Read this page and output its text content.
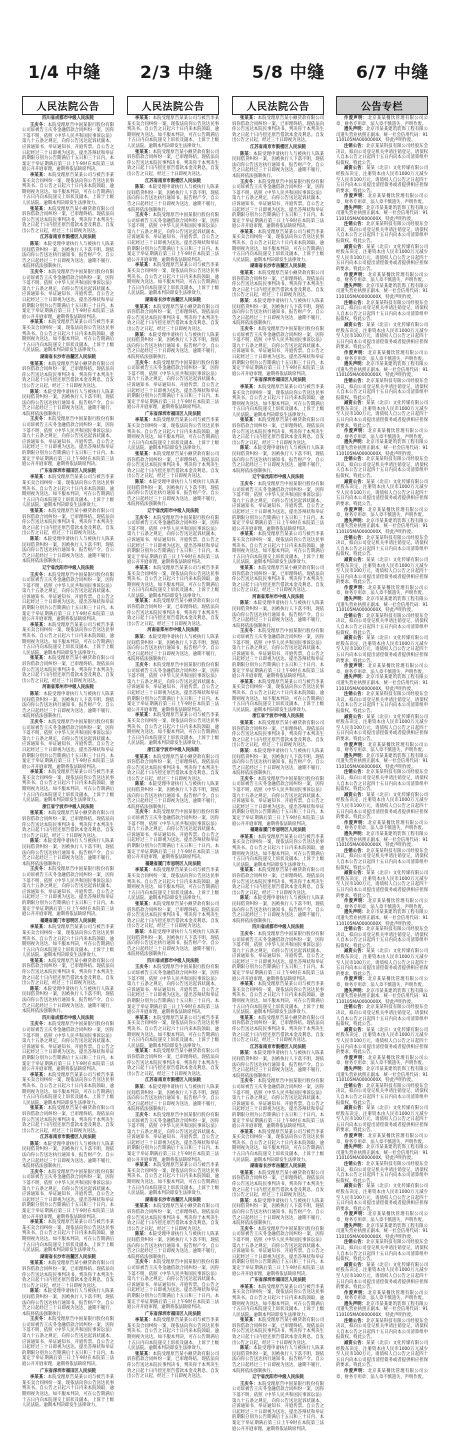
1/4 中缝 2/3 中缝 5/8 中缝 6/7 中缝
人民法院公告
四川省成都市中级人民法院

王庆冬：本院受理原告中国某银行股份有限公司诉被告王庆冬金融借款合同纠纷一案，因你下落不明，依照《中华人民共和国民事诉讼法》第九十五条之规定，向你公告送达起诉状副本、应诉通知书、举证通知书、开庭传票。自公告之日起经过三十日即视为送达。提出答辩状和举证的期限分别为公告期满后十五日和三十日内。本案定于举证期满后第三日上午9时在本院第三法庭公开开庭审理，逾期将依法缺席判决。

李某某：本院受理原告某某公司与被告李某某买卖合同纠纷一案，现依法向你公告送达民事判决书。自公告之日起六十日内来本院领取，逾期则视为送达。如不服本判决，可在公告期满后十五日内向本院递交上诉状及副本，上诉于上级人民法院。逾期本判决即发生法律效力。

张某某：本院受理原告某小额贷款有限公司诉你借款合同纠纷一案，已审理终结。现依法向你公告送达本院民事判决书，判决你于本判决生效之日起十日内偿还原告借款本金及利息。自发出公告之日起，经过三十日即视为送达。

江苏省南京市鼓楼区人民法院

陈某：本院受理申请执行人与被执行人陈某民间借贷纠纷一案，因被执行人下落不明，现依法向你公告送达执行通知书、报告财产令。自公告之日起经过三十日即视为送达，逾期不履行，本院将依法强制执行。

王庆冬：本院受理原告中国某银行股份有限公司诉被告王庆冬金融借款合同纠纷一案，因你下落不明，依照《中华人民共和国民事诉讼法》第九十五条之规定，向你公告送达起诉状副本、应诉通知书、举证通知书、开庭传票。自公告之日起经过三十日即视为送达。提出答辩状和举证的期限分别为公告期满后十五日和三十日内。本案定于举证期满后第三日上午9时在本院第三法庭公开开庭审理，逾期将依法缺席判决。

李某某：本院受理原告某某公司与被告李某某买卖合同纠纷一案，现依法向你公告送达民事判决书。自公告之日起六十日内来本院领取，逾期则视为送达。如不服本判决，可在公告期满后十五日内向本院递交上诉状及副本，上诉于上级人民法院。逾期本判决即发生法律效力。

湖南省长沙市岳麓区人民法院

张某某：本院受理原告某小额贷款有限公司诉你借款合同纠纷一案，已审理终结。现依法向你公告送达本院民事判决书，判决你于本判决生效之日起十日内偿还原告借款本金及利息。自发出公告之日起，经过三十日即视为送达。

陈某：本院受理申请执行人与被执行人陈某民间借贷纠纷一案，因被执行人下落不明，现依法向你公告送达执行通知书、报告财产令。自公告之日起经过三十日即视为送达，逾期不履行，本院将依法强制执行。

王庆冬：本院受理原告中国某银行股份有限公司诉被告王庆冬金融借款合同纠纷一案，因你下落不明，依照《中华人民共和国民事诉讼法》第九十五条之规定，向你公告送达起诉状副本、应诉通知书、举证通知书、开庭传票。自公告之日起经过三十日即视为送达。提出答辩状和举证的期限分别为公告期满后十五日和三十日内。本案定于举证期满后第三日上午9时在本院第三法庭公开开庭审理，逾期将依法缺席判决。

广东省深圳市福田区人民法院

李某某：本院受理原告某某公司与被告李某某买卖合同纠纷一案，现依法向你公告送达民事判决书。自公告之日起六十日内来本院领取，逾期则视为送达。如不服本判决，可在公告期满后十五日内向本院递交上诉状及副本，上诉于上级人民法院。逾期本判决即发生法律效力。

张某某：本院受理原告某小额贷款有限公司诉你借款合同纠纷一案，已审理终结。现依法向你公告送达本院民事判决书，判决你于本判决生效之日起十日内偿还原告借款本金及利息。自发出公告之日起，经过三十日即视为送达。

陈某：本院受理申请执行人与被执行人陈某民间借贷纠纷一案，因被执行人下落不明，现依法向你公告送达执行通知书、报告财产令。自公告之日起经过三十日即视为送达，逾期不履行，本院将依法强制执行。

辽宁省沈阳市中级人民法院

王庆冬：本院受理原告中国某银行股份有限公司诉被告王庆冬金融借款合同纠纷一案，因你下落不明，依照《中华人民共和国民事诉讼法》第九十五条之规定，向你公告送达起诉状副本、应诉通知书、举证通知书、开庭传票。自公告之日起经过三十日即视为送达。提出答辩状和举证的期限分别为公告期满后十五日和三十日内。本案定于举证期满后第三日上午9时在本院第三法庭公开开庭审理，逾期将依法缺席判决。

李某某：本院受理原告某某公司与被告李某某买卖合同纠纷一案，现依法向你公告送达民事判决书。自公告之日起六十日内来本院领取，逾期则视为送达。如不服本判决，可在公告期满后十五日内向本院递交上诉状及副本，上诉于上级人民法院。逾期本判决即发生法律效力。

张某某：本院受理原告某小额贷款有限公司诉你借款合同纠纷一案，已审理终结。现依法向你公告送达本院民事判决书，判决你于本判决生效之日起十日内偿还原告借款本金及利息。自发出公告之日起，经过三十日即视为送达。

河南省郑州市中级人民法院

陈某：本院受理申请执行人与被执行人陈某民间借贷纠纷一案，因被执行人下落不明，现依法向你公告送达执行通知书、报告财产令。自公告之日起经过三十日即视为送达，逾期不履行，本院将依法强制执行。

王庆冬：本院受理原告中国某银行股份有限公司诉被告王庆冬金融借款合同纠纷一案，因你下落不明，依照《中华人民共和国民事诉讼法》第九十五条之规定，向你公告送达起诉状副本、应诉通知书、举证通知书、开庭传票。自公告之日起经过三十日即视为送达。提出答辩状和举证的期限分别为公告期满后十五日和三十日内。本案定于举证期满后第三日上午9时在本院第三法庭公开开庭审理，逾期将依法缺席判决。

李某某：本院受理原告某某公司与被告李某某买卖合同纠纷一案，现依法向你公告送达民事判决书。自公告之日起六十日内来本院领取，逾期则视为送达。如不服本判决，可在公告期满后十五日内向本院递交上诉状及副本，上诉于上级人民法院。逾期本判决即发生法律效力。

浙江省宁波市中级人民法院

张某某：本院受理原告某小额贷款有限公司诉你借款合同纠纷一案，已审理终结。现依法向你公告送达本院民事判决书，判决你于本判决生效之日起十日内偿还原告借款本金及利息。自发出公告之日起，经过三十日即视为送达。

陈某：本院受理申请执行人与被执行人陈某民间借贷纠纷一案，因被执行人下落不明，现依法向你公告送达执行通知书、报告财产令。自公告之日起经过三十日即视为送达，逾期不履行，本院将依法强制执行。

王庆冬：本院受理原告中国某银行股份有限公司诉被告王庆冬金融借款合同纠纷一案，因你下落不明，依照《中华人民共和国民事诉讼法》第九十五条之规定，向你公告送达起诉状副本、应诉通知书、举证通知书、开庭传票。自公告之日起经过三十日即视为送达。提出答辩状和举证的期限分别为公告期满后十五日和三十日内。本案定于举证期满后第三日上午9时在本院第三法庭公开开庭审理，逾期将依法缺席判决。

福建省厦门市思明区人民法院

李某某：本院受理原告某某公司与被告李某某买卖合同纠纷一案，现依法向你公告送达民事判决书。自公告之日起六十日内来本院领取，逾期则视为送达。如不服本判决，可在公告期满后十五日内向本院递交上诉状及副本，上诉于上级人民法院。逾期本判决即发生法律效力。

张某某：本院受理原告某小额贷款有限公司诉你借款合同纠纷一案，已审理终结。现依法向你公告送达本院民事判决书，判决你于本判决生效之日起十日内偿还原告借款本金及利息。自发出公告之日起，经过三十日即视为送达。

陈某：本院受理申请执行人与被执行人陈某民间借贷纠纷一案，因被执行人下落不明，现依法向你公告送达执行通知书、报告财产令。自公告之日起经过三十日即视为送达，逾期不履行，本院将依法强制执行。

四川省成都市中级人民法院

王庆冬：本院受理原告中国某银行股份有限公司诉被告王庆冬金融借款合同纠纷一案，因你下落不明，依照《中华人民共和国民事诉讼法》第九十五条之规定，向你公告送达起诉状副本、应诉通知书、举证通知书、开庭传票。自公告之日起经过三十日即视为送达。提出答辩状和举证的期限分别为公告期满后十五日和三十日内。本案定于举证期满后第三日上午9时在本院第三法庭公开开庭审理，逾期将依法缺席判决。

李某某：本院受理原告某某公司与被告李某某买卖合同纠纷一案，现依法向你公告送达民事判决书。自公告之日起六十日内来本院领取，逾期则视为送达。如不服本判决，可在公告期满后十五日内向本院递交上诉状及副本，上诉于上级人民法院。逾期本判决即发生法律效力。

张某某：本院受理原告某小额贷款有限公司诉你借款合同纠纷一案，已审理终结。现依法向你公告送达本院民事判决书，判决你于本判决生效之日起十日内偿还原告借款本金及利息。自发出公告之日起，经过三十日即视为送达。

江苏省南京市鼓楼区人民法院

陈某：本院受理申请执行人与被执行人陈某民间借贷纠纷一案，因被执行人下落不明，现依法向你公告送达执行通知书、报告财产令。自公告之日起经过三十日即视为送达，逾期不履行，本院将依法强制执行。

王庆冬：本院受理原告中国某银行股份有限公司诉被告王庆冬金融借款合同纠纷一案，因你下落不明，依照《中华人民共和国民事诉讼法》第九十五条之规定，向你公告送达起诉状副本、应诉通知书、举证通知书、开庭传票。自公告之日起经过三十日即视为送达。提出答辩状和举证的期限分别为公告期满后十五日和三十日内。本案定于举证期满后第三日上午9时在本院第三法庭公开开庭审理，逾期将依法缺席判决。

李某某：本院受理原告某某公司与被告李某某买卖合同纠纷一案，现依法向你公告送达民事判决书。自公告之日起六十日内来本院领取，逾期则视为送达。如不服本判决，可在公告期满后十五日内向本院递交上诉状及副本，上诉于上级人民法院。逾期本判决即发生法律效力。

湖南省长沙市岳麓区人民法院

张某某：本院受理原告某小额贷款有限公司诉你借款合同纠纷一案，已审理终结。现依法向你公告送达本院民事判决书，判决你于本判决生效之日起十日内偿还原告借款本金及利息。自发出公告之日起，经过三十日即视为送达。

陈某：本院受理申请执行人与被执行人陈某民间借贷纠纷一案，因被执行人下落不明，现依法向你公告送达执行通知书、报告财产令。自公告之日起经过三十日即视为送达，逾期不履行，本院将依法强制执行。

王庆冬：本院受理原告中国某银行股份有限公司诉被告王庆冬金融借款合同纠纷一案，因你下落不明，依照《中华人民共和国民事诉讼法》第九十五条之规定，向你公告送达起诉状副本、应诉通知书、举证通知书、开庭传票。自公告之日起经过三十日即视为送达。提出答辩状和举证的期限分别为公告期满后十五日和三十日内。本案定于举证期满后第三日上午9时在本院第三法庭公开开庭审理，逾期将依法缺席判决。

广东省深圳市福田区人民法院

李某某：本院受理原告某某公司与被告李某某买卖合同纠纷一案，现依法向你公告送达民事判决书。自公告之日起六十日内来本院领取，逾期则视为送达。如不服本判决，可在公告期满后十五日内向本院递交上诉状及副本，上诉于上级人民法院。逾期本判决即发生法律效力。

人民法院公告

李某某：本院受理原告某某公司与被告李某某买卖合同纠纷一案，现依法向你公告送达民事判决书。自公告之日起六十日内来本院领取，逾期则视为送达。如不服本判决，可在公告期满后十五日内向本院递交上诉状及副本，上诉于上级人民法院。逾期本判决即发生法律效力。

张某某：本院受理原告某小额贷款有限公司诉你借款合同纠纷一案，已审理终结。现依法向你公告送达本院民事判决书，判决你于本判决生效之日起十日内偿还原告借款本金及利息。自发出公告之日起，经过三十日即视为送达。

江苏省南京市鼓楼区人民法院

陈某：本院受理申请执行人与被执行人陈某民间借贷纠纷一案，因被执行人下落不明，现依法向你公告送达执行通知书、报告财产令。自公告之日起经过三十日即视为送达，逾期不履行，本院将依法强制执行。

王庆冬：本院受理原告中国某银行股份有限公司诉被告王庆冬金融借款合同纠纷一案，因你下落不明，依照《中华人民共和国民事诉讼法》第九十五条之规定，向你公告送达起诉状副本、应诉通知书、举证通知书、开庭传票。自公告之日起经过三十日即视为送达。提出答辩状和举证的期限分别为公告期满后十五日和三十日内。本案定于举证期满后第三日上午9时在本院第三法庭公开开庭审理，逾期将依法缺席判决。

李某某：本院受理原告某某公司与被告李某某买卖合同纠纷一案，现依法向你公告送达民事判决书。自公告之日起六十日内来本院领取，逾期则视为送达。如不服本判决，可在公告期满后十五日内向本院递交上诉状及副本，上诉于上级人民法院。逾期本判决即发生法律效力。

湖南省长沙市岳麓区人民法院

张某某：本院受理原告某小额贷款有限公司诉你借款合同纠纷一案，已审理终结。现依法向你公告送达本院民事判决书，判决你于本判决生效之日起十日内偿还原告借款本金及利息。自发出公告之日起，经过三十日即视为送达。

陈某：本院受理申请执行人与被执行人陈某民间借贷纠纷一案，因被执行人下落不明，现依法向你公告送达执行通知书、报告财产令。自公告之日起经过三十日即视为送达，逾期不履行，本院将依法强制执行。

王庆冬：本院受理原告中国某银行股份有限公司诉被告王庆冬金融借款合同纠纷一案，因你下落不明，依照《中华人民共和国民事诉讼法》第九十五条之规定，向你公告送达起诉状副本、应诉通知书、举证通知书、开庭传票。自公告之日起经过三十日即视为送达。提出答辩状和举证的期限分别为公告期满后十五日和三十日内。本案定于举证期满后第三日上午9时在本院第三法庭公开开庭审理，逾期将依法缺席判决。

广东省深圳市福田区人民法院

李某某：本院受理原告某某公司与被告李某某买卖合同纠纷一案，现依法向你公告送达民事判决书。自公告之日起六十日内来本院领取，逾期则视为送达。如不服本判决，可在公告期满后十五日内向本院递交上诉状及副本，上诉于上级人民法院。逾期本判决即发生法律效力。

张某某：本院受理原告某小额贷款有限公司诉你借款合同纠纷一案，已审理终结。现依法向你公告送达本院民事判决书，判决你于本判决生效之日起十日内偿还原告借款本金及利息。自发出公告之日起，经过三十日即视为送达。

陈某：本院受理申请执行人与被执行人陈某民间借贷纠纷一案，因被执行人下落不明，现依法向你公告送达执行通知书、报告财产令。自公告之日起经过三十日即视为送达，逾期不履行，本院将依法强制执行。

辽宁省沈阳市中级人民法院

王庆冬：本院受理原告中国某银行股份有限公司诉被告王庆冬金融借款合同纠纷一案，因你下落不明，依照《中华人民共和国民事诉讼法》第九十五条之规定，向你公告送达起诉状副本、应诉通知书、举证通知书、开庭传票。自公告之日起经过三十日即视为送达。提出答辩状和举证的期限分别为公告期满后十五日和三十日内。本案定于举证期满后第三日上午9时在本院第三法庭公开开庭审理，逾期将依法缺席判决。

李某某：本院受理原告某某公司与被告李某某买卖合同纠纷一案，现依法向你公告送达民事判决书。自公告之日起六十日内来本院领取，逾期则视为送达。如不服本判决，可在公告期满后十五日内向本院递交上诉状及副本，上诉于上级人民法院。逾期本判决即发生法律效力。

张某某：本院受理原告某小额贷款有限公司诉你借款合同纠纷一案，已审理终结。现依法向你公告送达本院民事判决书，判决你于本判决生效之日起十日内偿还原告借款本金及利息。自发出公告之日起，经过三十日即视为送达。

河南省郑州市中级人民法院

陈某：本院受理申请执行人与被执行人陈某民间借贷纠纷一案，因被执行人下落不明，现依法向你公告送达执行通知书、报告财产令。自公告之日起经过三十日即视为送达，逾期不履行，本院将依法强制执行。

王庆冬：本院受理原告中国某银行股份有限公司诉被告王庆冬金融借款合同纠纷一案，因你下落不明，依照《中华人民共和国民事诉讼法》第九十五条之规定，向你公告送达起诉状副本、应诉通知书、举证通知书、开庭传票。自公告之日起经过三十日即视为送达。提出答辩状和举证的期限分别为公告期满后十五日和三十日内。本案定于举证期满后第三日上午9时在本院第三法庭公开开庭审理，逾期将依法缺席判决。

李某某：本院受理原告某某公司与被告李某某买卖合同纠纷一案，现依法向你公告送达民事判决书。自公告之日起六十日内来本院领取，逾期则视为送达。如不服本判决，可在公告期满后十五日内向本院递交上诉状及副本，上诉于上级人民法院。逾期本判决即发生法律效力。

浙江省宁波市中级人民法院

张某某：本院受理原告某小额贷款有限公司诉你借款合同纠纷一案，已审理终结。现依法向你公告送达本院民事判决书，判决你于本判决生效之日起十日内偿还原告借款本金及利息。自发出公告之日起，经过三十日即视为送达。

陈某：本院受理申请执行人与被执行人陈某民间借贷纠纷一案，因被执行人下落不明，现依法向你公告送达执行通知书、报告财产令。自公告之日起经过三十日即视为送达，逾期不履行，本院将依法强制执行。

王庆冬：本院受理原告中国某银行股份有限公司诉被告王庆冬金融借款合同纠纷一案，因你下落不明，依照《中华人民共和国民事诉讼法》第九十五条之规定，向你公告送达起诉状副本、应诉通知书、举证通知书、开庭传票。自公告之日起经过三十日即视为送达。提出答辩状和举证的期限分别为公告期满后十五日和三十日内。本案定于举证期满后第三日上午9时在本院第三法庭公开开庭审理，逾期将依法缺席判决。

福建省厦门市思明区人民法院

李某某：本院受理原告某某公司与被告李某某买卖合同纠纷一案，现依法向你公告送达民事判决书。自公告之日起六十日内来本院领取，逾期则视为送达。如不服本判决，可在公告期满后十五日内向本院递交上诉状及副本，上诉于上级人民法院。逾期本判决即发生法律效力。

张某某：本院受理原告某小额贷款有限公司诉你借款合同纠纷一案，已审理终结。现依法向你公告送达本院民事判决书，判决你于本判决生效之日起十日内偿还原告借款本金及利息。自发出公告之日起，经过三十日即视为送达。

陈某：本院受理申请执行人与被执行人陈某民间借贷纠纷一案，因被执行人下落不明，现依法向你公告送达执行通知书、报告财产令。自公告之日起经过三十日即视为送达，逾期不履行，本院将依法强制执行。

四川省成都市中级人民法院

王庆冬：本院受理原告中国某银行股份有限公司诉被告王庆冬金融借款合同纠纷一案，因你下落不明，依照《中华人民共和国民事诉讼法》第九十五条之规定，向你公告送达起诉状副本、应诉通知书、举证通知书、开庭传票。自公告之日起经过三十日即视为送达。提出答辩状和举证的期限分别为公告期满后十五日和三十日内。本案定于举证期满后第三日上午9时在本院第三法庭公开开庭审理，逾期将依法缺席判决。

李某某：本院受理原告某某公司与被告李某某买卖合同纠纷一案，现依法向你公告送达民事判决书。自公告之日起六十日内来本院领取，逾期则视为送达。如不服本判决，可在公告期满后十五日内向本院递交上诉状及副本，上诉于上级人民法院。逾期本判决即发生法律效力。

张某某：本院受理原告某小额贷款有限公司诉你借款合同纠纷一案，已审理终结。现依法向你公告送达本院民事判决书，判决你于本判决生效之日起十日内偿还原告借款本金及利息。自发出公告之日起，经过三十日即视为送达。

江苏省南京市鼓楼区人民法院

陈某：本院受理申请执行人与被执行人陈某民间借贷纠纷一案，因被执行人下落不明，现依法向你公告送达执行通知书、报告财产令。自公告之日起经过三十日即视为送达，逾期不履行，本院将依法强制执行。

王庆冬：本院受理原告中国某银行股份有限公司诉被告王庆冬金融借款合同纠纷一案，因你下落不明，依照《中华人民共和国民事诉讼法》第九十五条之规定，向你公告送达起诉状副本、应诉通知书、举证通知书、开庭传票。自公告之日起经过三十日即视为送达。提出答辩状和举证的期限分别为公告期满后十五日和三十日内。本案定于举证期满后第三日上午9时在本院第三法庭公开开庭审理，逾期将依法缺席判决。

李某某：本院受理原告某某公司与被告李某某买卖合同纠纷一案，现依法向你公告送达民事判决书。自公告之日起六十日内来本院领取，逾期则视为送达。如不服本判决，可在公告期满后十五日内向本院递交上诉状及副本，上诉于上级人民法院。逾期本判决即发生法律效力。

湖南省长沙市岳麓区人民法院

张某某：本院受理原告某小额贷款有限公司诉你借款合同纠纷一案，已审理终结。现依法向你公告送达本院民事判决书，判决你于本判决生效之日起十日内偿还原告借款本金及利息。自发出公告之日起，经过三十日即视为送达。

陈某：本院受理申请执行人与被执行人陈某民间借贷纠纷一案，因被执行人下落不明，现依法向你公告送达执行通知书、报告财产令。自公告之日起经过三十日即视为送达，逾期不履行，本院将依法强制执行。

王庆冬：本院受理原告中国某银行股份有限公司诉被告王庆冬金融借款合同纠纷一案，因你下落不明，依照《中华人民共和国民事诉讼法》第九十五条之规定，向你公告送达起诉状副本、应诉通知书、举证通知书、开庭传票。自公告之日起经过三十日即视为送达。提出答辩状和举证的期限分别为公告期满后十五日和三十日内。本案定于举证期满后第三日上午9时在本院第三法庭公开开庭审理，逾期将依法缺席判决。

广东省深圳市福田区人民法院

李某某：本院受理原告某某公司与被告李某某买卖合同纠纷一案，现依法向你公告送达民事判决书。自公告之日起六十日内来本院领取，逾期则视为送达。如不服本判决，可在公告期满后十五日内向本院递交上诉状及副本，上诉于上级人民法院。逾期本判决即发生法律效力。

张某某：本院受理原告某小额贷款有限公司诉你借款合同纠纷一案，已审理终结。现依法向你公告送达本院民事判决书，判决你于本判决生效之日起十日内偿还原告借款本金及利息。自发出公告之日起，经过三十日即视为送达。

人民法院公告

张某某：本院受理原告某小额贷款有限公司诉你借款合同纠纷一案，已审理终结。现依法向你公告送达本院民事判决书，判决你于本判决生效之日起十日内偿还原告借款本金及利息。自发出公告之日起，经过三十日即视为送达。

江苏省南京市鼓楼区人民法院

陈某：本院受理申请执行人与被执行人陈某民间借贷纠纷一案，因被执行人下落不明，现依法向你公告送达执行通知书、报告财产令。自公告之日起经过三十日即视为送达，逾期不履行，本院将依法强制执行。

王庆冬：本院受理原告中国某银行股份有限公司诉被告王庆冬金融借款合同纠纷一案，因你下落不明，依照《中华人民共和国民事诉讼法》第九十五条之规定，向你公告送达起诉状副本、应诉通知书、举证通知书、开庭传票。自公告之日起经过三十日即视为送达。提出答辩状和举证的期限分别为公告期满后十五日和三十日内。本案定于举证期满后第三日上午9时在本院第三法庭公开开庭审理，逾期将依法缺席判决。

李某某：本院受理原告某某公司与被告李某某买卖合同纠纷一案，现依法向你公告送达民事判决书。自公告之日起六十日内来本院领取，逾期则视为送达。如不服本判决，可在公告期满后十五日内向本院递交上诉状及副本，上诉于上级人民法院。逾期本判决即发生法律效力。

湖南省长沙市岳麓区人民法院

张某某：本院受理原告某小额贷款有限公司诉你借款合同纠纷一案，已审理终结。现依法向你公告送达本院民事判决书，判决你于本判决生效之日起十日内偿还原告借款本金及利息。自发出公告之日起，经过三十日即视为送达。

陈某：本院受理申请执行人与被执行人陈某民间借贷纠纷一案，因被执行人下落不明，现依法向你公告送达执行通知书、报告财产令。自公告之日起经过三十日即视为送达，逾期不履行，本院将依法强制执行。

王庆冬：本院受理原告中国某银行股份有限公司诉被告王庆冬金融借款合同纠纷一案，因你下落不明，依照《中华人民共和国民事诉讼法》第九十五条之规定，向你公告送达起诉状副本、应诉通知书、举证通知书、开庭传票。自公告之日起经过三十日即视为送达。提出答辩状和举证的期限分别为公告期满后十五日和三十日内。本案定于举证期满后第三日上午9时在本院第三法庭公开开庭审理，逾期将依法缺席判决。

广东省深圳市福田区人民法院

李某某：本院受理原告某某公司与被告李某某买卖合同纠纷一案，现依法向你公告送达民事判决书。自公告之日起六十日内来本院领取，逾期则视为送达。如不服本判决，可在公告期满后十五日内向本院递交上诉状及副本，上诉于上级人民法院。逾期本判决即发生法律效力。

张某某：本院受理原告某小额贷款有限公司诉你借款合同纠纷一案，已审理终结。现依法向你公告送达本院民事判决书，判决你于本判决生效之日起十日内偿还原告借款本金及利息。自发出公告之日起，经过三十日即视为送达。

陈某：本院受理申请执行人与被执行人陈某民间借贷纠纷一案，因被执行人下落不明，现依法向你公告送达执行通知书、报告财产令。自公告之日起经过三十日即视为送达，逾期不履行，本院将依法强制执行。

辽宁省沈阳市中级人民法院

王庆冬：本院受理原告中国某银行股份有限公司诉被告王庆冬金融借款合同纠纷一案，因你下落不明，依照《中华人民共和国民事诉讼法》第九十五条之规定，向你公告送达起诉状副本、应诉通知书、举证通知书、开庭传票。自公告之日起经过三十日即视为送达。提出答辩状和举证的期限分别为公告期满后十五日和三十日内。本案定于举证期满后第三日上午9时在本院第三法庭公开开庭审理，逾期将依法缺席判决。

李某某：本院受理原告某某公司与被告李某某买卖合同纠纷一案，现依法向你公告送达民事判决书。自公告之日起六十日内来本院领取，逾期则视为送达。如不服本判决，可在公告期满后十五日内向本院递交上诉状及副本，上诉于上级人民法院。逾期本判决即发生法律效力。

张某某：本院受理原告某小额贷款有限公司诉你借款合同纠纷一案，已审理终结。现依法向你公告送达本院民事判决书，判决你于本判决生效之日起十日内偿还原告借款本金及利息。自发出公告之日起，经过三十日即视为送达。

河南省郑州市中级人民法院

陈某：本院受理申请执行人与被执行人陈某民间借贷纠纷一案，因被执行人下落不明，现依法向你公告送达执行通知书、报告财产令。自公告之日起经过三十日即视为送达，逾期不履行，本院将依法强制执行。

王庆冬：本院受理原告中国某银行股份有限公司诉被告王庆冬金融借款合同纠纷一案，因你下落不明，依照《中华人民共和国民事诉讼法》第九十五条之规定，向你公告送达起诉状副本、应诉通知书、举证通知书、开庭传票。自公告之日起经过三十日即视为送达。提出答辩状和举证的期限分别为公告期满后十五日和三十日内。本案定于举证期满后第三日上午9时在本院第三法庭公开开庭审理，逾期将依法缺席判决。

李某某：本院受理原告某某公司与被告李某某买卖合同纠纷一案，现依法向你公告送达民事判决书。自公告之日起六十日内来本院领取，逾期则视为送达。如不服本判决，可在公告期满后十五日内向本院递交上诉状及副本，上诉于上级人民法院。逾期本判决即发生法律效力。

浙江省宁波市中级人民法院

张某某：本院受理原告某小额贷款有限公司诉你借款合同纠纷一案，已审理终结。现依法向你公告送达本院民事判决书，判决你于本判决生效之日起十日内偿还原告借款本金及利息。自发出公告之日起，经过三十日即视为送达。

陈某：本院受理申请执行人与被执行人陈某民间借贷纠纷一案，因被执行人下落不明，现依法向你公告送达执行通知书、报告财产令。自公告之日起经过三十日即视为送达，逾期不履行，本院将依法强制执行。

王庆冬：本院受理原告中国某银行股份有限公司诉被告王庆冬金融借款合同纠纷一案，因你下落不明，依照《中华人民共和国民事诉讼法》第九十五条之规定，向你公告送达起诉状副本、应诉通知书、举证通知书、开庭传票。自公告之日起经过三十日即视为送达。提出答辩状和举证的期限分别为公告期满后十五日和三十日内。本案定于举证期满后第三日上午9时在本院第三法庭公开开庭审理，逾期将依法缺席判决。

福建省厦门市思明区人民法院

李某某：本院受理原告某某公司与被告李某某买卖合同纠纷一案，现依法向你公告送达民事判决书。自公告之日起六十日内来本院领取，逾期则视为送达。如不服本判决，可在公告期满后十五日内向本院递交上诉状及副本，上诉于上级人民法院。逾期本判决即发生法律效力。

张某某：本院受理原告某小额贷款有限公司诉你借款合同纠纷一案，已审理终结。现依法向你公告送达本院民事判决书，判决你于本判决生效之日起十日内偿还原告借款本金及利息。自发出公告之日起，经过三十日即视为送达。

陈某：本院受理申请执行人与被执行人陈某民间借贷纠纷一案，因被执行人下落不明，现依法向你公告送达执行通知书、报告财产令。自公告之日起经过三十日即视为送达，逾期不履行，本院将依法强制执行。

四川省成都市中级人民法院

王庆冬：本院受理原告中国某银行股份有限公司诉被告王庆冬金融借款合同纠纷一案，因你下落不明，依照《中华人民共和国民事诉讼法》第九十五条之规定，向你公告送达起诉状副本、应诉通知书、举证通知书、开庭传票。自公告之日起经过三十日即视为送达。提出答辩状和举证的期限分别为公告期满后十五日和三十日内。本案定于举证期满后第三日上午9时在本院第三法庭公开开庭审理，逾期将依法缺席判决。

李某某：本院受理原告某某公司与被告李某某买卖合同纠纷一案，现依法向你公告送达民事判决书。自公告之日起六十日内来本院领取，逾期则视为送达。如不服本判决，可在公告期满后十五日内向本院递交上诉状及副本，上诉于上级人民法院。逾期本判决即发生法律效力。

张某某：本院受理原告某小额贷款有限公司诉你借款合同纠纷一案，已审理终结。现依法向你公告送达本院民事判决书，判决你于本判决生效之日起十日内偿还原告借款本金及利息。自发出公告之日起，经过三十日即视为送达。

江苏省南京市鼓楼区人民法院

陈某：本院受理申请执行人与被执行人陈某民间借贷纠纷一案，因被执行人下落不明，现依法向你公告送达执行通知书、报告财产令。自公告之日起经过三十日即视为送达，逾期不履行，本院将依法强制执行。

王庆冬：本院受理原告中国某银行股份有限公司诉被告王庆冬金融借款合同纠纷一案，因你下落不明，依照《中华人民共和国民事诉讼法》第九十五条之规定，向你公告送达起诉状副本、应诉通知书、举证通知书、开庭传票。自公告之日起经过三十日即视为送达。提出答辩状和举证的期限分别为公告期满后十五日和三十日内。本案定于举证期满后第三日上午9时在本院第三法庭公开开庭审理，逾期将依法缺席判决。

李某某：本院受理原告某某公司与被告李某某买卖合同纠纷一案，现依法向你公告送达民事判决书。自公告之日起六十日内来本院领取，逾期则视为送达。如不服本判决，可在公告期满后十五日内向本院递交上诉状及副本，上诉于上级人民法院。逾期本判决即发生法律效力。

湖南省长沙市岳麓区人民法院

张某某：本院受理原告某小额贷款有限公司诉你借款合同纠纷一案，已审理终结。现依法向你公告送达本院民事判决书，判决你于本判决生效之日起十日内偿还原告借款本金及利息。自发出公告之日起，经过三十日即视为送达。

陈某：本院受理申请执行人与被执行人陈某民间借贷纠纷一案，因被执行人下落不明，现依法向你公告送达执行通知书、报告财产令。自公告之日起经过三十日即视为送达，逾期不履行，本院将依法强制执行。

王庆冬：本院受理原告中国某银行股份有限公司诉被告王庆冬金融借款合同纠纷一案，因你下落不明，依照《中华人民共和国民事诉讼法》第九十五条之规定，向你公告送达起诉状副本、应诉通知书、举证通知书、开庭传票。自公告之日起经过三十日即视为送达。提出答辩状和举证的期限分别为公告期满后十五日和三十日内。本案定于举证期满后第三日上午9时在本院第三法庭公开开庭审理，逾期将依法缺席判决。

广东省深圳市福田区人民法院

李某某：本院受理原告某某公司与被告李某某买卖合同纠纷一案，现依法向你公告送达民事判决书。自公告之日起六十日内来本院领取，逾期则视为送达。如不服本判决，可在公告期满后十五日内向本院递交上诉状及副本，上诉于上级人民法院。逾期本判决即发生法律效力。

张某某：本院受理原告某小额贷款有限公司诉你借款合同纠纷一案，已审理终结。现依法向你公告送达本院民事判决书，判决你于本判决生效之日起十日内偿还原告借款本金及利息。自发出公告之日起，经过三十日即视为送达。

陈某：本院受理申请执行人与被执行人陈某民间借贷纠纷一案，因被执行人下落不明，现依法向你公告送达执行通知书、报告财产令。自公告之日起经过三十日即视为送达，逾期不履行，本院将依法强制执行。

辽宁省沈阳市中级人民法院

王庆冬：本院受理原告中国某银行股份有限公司诉被告王庆冬金融借款合同纠纷一案，因你下落不明，依照《中华人民共和国民事诉讼法》第九十五条之规定，向你公告送达起诉状副本、应诉通知书、举证通知书、开庭传票。自公告之日起经过三十日即视为送达。提出答辩状和举证的期限分别为公告期满后十五日和三十日内。本案定于举证期满后第三日上午9时在本院第三法庭公开开庭审理，逾期将依法缺席判决。

公告专栏

作废声明：北京某某餐饮管理有限公司公章、财务专用章、法人章不慎遗失，声明作废。

遗失声明：北京市某某建筑装饰工程有限公司遗失营业执照正副本，统一社会信用代码：91110105MA0000000X，特此声明作废。

注销公告：北京某某科技有限公司经股东会决议，拟向公司登记机关申请注销登记，请债权人自本公告之日起四十五日内向本公司清算组申报债权。特此公告。

减资公告：某某（北京）文化传媒有限公司经股东决定，注册资本由人民币1000万元减少至人民币100万元，请债权人自公告之日起四十五日内向本公司提出清偿债务或者提供相应担保的要求。特此公告。

作废声明：北京某某餐饮管理有限公司公章、财务专用章、法人章不慎遗失，声明作废。

遗失声明：北京市某某建筑装饰工程有限公司遗失营业执照正副本，统一社会信用代码：91110105MA0000000X，特此声明作废。

注销公告：北京某某科技有限公司经股东会决议，拟向公司登记机关申请注销登记，请债权人自本公告之日起四十五日内向本公司清算组申报债权。特此公告。

减资公告：某某（北京）文化传媒有限公司经股东决定，注册资本由人民币1000万元减少至人民币100万元，请债权人自公告之日起四十五日内向本公司提出清偿债务或者提供相应担保的要求。特此公告。

作废声明：北京某某餐饮管理有限公司公章、财务专用章、法人章不慎遗失，声明作废。

遗失声明：北京市某某建筑装饰工程有限公司遗失营业执照正副本，统一社会信用代码：91110105MA0000000X，特此声明作废。

注销公告：北京某某科技有限公司经股东会决议，拟向公司登记机关申请注销登记，请债权人自本公告之日起四十五日内向本公司清算组申报债权。特此公告。

减资公告：某某（北京）文化传媒有限公司经股东决定，注册资本由人民币1000万元减少至人民币100万元，请债权人自公告之日起四十五日内向本公司提出清偿债务或者提供相应担保的要求。特此公告。

作废声明：北京某某餐饮管理有限公司公章、财务专用章、法人章不慎遗失，声明作废。

遗失声明：北京市某某建筑装饰工程有限公司遗失营业执照正副本，统一社会信用代码：91110105MA0000000X，特此声明作废。

注销公告：北京某某科技有限公司经股东会决议，拟向公司登记机关申请注销登记，请债权人自本公告之日起四十五日内向本公司清算组申报债权。特此公告。

减资公告：某某（北京）文化传媒有限公司经股东决定，注册资本由人民币1000万元减少至人民币100万元，请债权人自公告之日起四十五日内向本公司提出清偿债务或者提供相应担保的要求。特此公告。

作废声明：北京某某餐饮管理有限公司公章、财务专用章、法人章不慎遗失，声明作废。

遗失声明：北京市某某建筑装饰工程有限公司遗失营业执照正副本，统一社会信用代码：91110105MA0000000X，特此声明作废。

注销公告：北京某某科技有限公司经股东会决议，拟向公司登记机关申请注销登记，请债权人自本公告之日起四十五日内向本公司清算组申报债权。特此公告。

减资公告：某某（北京）文化传媒有限公司经股东决定，注册资本由人民币1000万元减少至人民币100万元，请债权人自公告之日起四十五日内向本公司提出清偿债务或者提供相应担保的要求。特此公告。

作废声明：北京某某餐饮管理有限公司公章、财务专用章、法人章不慎遗失，声明作废。

遗失声明：北京市某某建筑装饰工程有限公司遗失营业执照正副本，统一社会信用代码：91110105MA0000000X，特此声明作废。

注销公告：北京某某科技有限公司经股东会决议，拟向公司登记机关申请注销登记，请债权人自本公告之日起四十五日内向本公司清算组申报债权。特此公告。

减资公告：某某（北京）文化传媒有限公司经股东决定，注册资本由人民币1000万元减少至人民币100万元，请债权人自公告之日起四十五日内向本公司提出清偿债务或者提供相应担保的要求。特此公告。

作废声明：北京某某餐饮管理有限公司公章、财务专用章、法人章不慎遗失，声明作废。

遗失声明：北京市某某建筑装饰工程有限公司遗失营业执照正副本，统一社会信用代码：91110105MA0000000X，特此声明作废。

注销公告：北京某某科技有限公司经股东会决议，拟向公司登记机关申请注销登记，请债权人自本公告之日起四十五日内向本公司清算组申报债权。特此公告。

减资公告：某某（北京）文化传媒有限公司经股东决定，注册资本由人民币1000万元减少至人民币100万元，请债权人自公告之日起四十五日内向本公司提出清偿债务或者提供相应担保的要求。特此公告。

作废声明：北京某某餐饮管理有限公司公章、财务专用章、法人章不慎遗失，声明作废。

遗失声明：北京市某某建筑装饰工程有限公司遗失营业执照正副本，统一社会信用代码：91110105MA0000000X，特此声明作废。

注销公告：北京某某科技有限公司经股东会决议，拟向公司登记机关申请注销登记，请债权人自本公告之日起四十五日内向本公司清算组申报债权。特此公告。

减资公告：某某（北京）文化传媒有限公司经股东决定，注册资本由人民币1000万元减少至人民币100万元，请债权人自公告之日起四十五日内向本公司提出清偿债务或者提供相应担保的要求。特此公告。

作废声明：北京某某餐饮管理有限公司公章、财务专用章、法人章不慎遗失，声明作废。

遗失声明：北京市某某建筑装饰工程有限公司遗失营业执照正副本，统一社会信用代码：91110105MA0000000X，特此声明作废。

注销公告：北京某某科技有限公司经股东会决议，拟向公司登记机关申请注销登记，请债权人自本公告之日起四十五日内向本公司清算组申报债权。特此公告。

减资公告：某某（北京）文化传媒有限公司经股东决定，注册资本由人民币1000万元减少至人民币100万元，请债权人自公告之日起四十五日内向本公司提出清偿债务或者提供相应担保的要求。特此公告。

作废声明：北京某某餐饮管理有限公司公章、财务专用章、法人章不慎遗失，声明作废。

遗失声明：北京市某某建筑装饰工程有限公司遗失营业执照正副本，统一社会信用代码：91110105MA0000000X，特此声明作废。

注销公告：北京某某科技有限公司经股东会决议，拟向公司登记机关申请注销登记，请债权人自本公告之日起四十五日内向本公司清算组申报债权。特此公告。

减资公告：某某（北京）文化传媒有限公司经股东决定，注册资本由人民币1000万元减少至人民币100万元，请债权人自公告之日起四十五日内向本公司提出清偿债务或者提供相应担保的要求。特此公告。

作废声明：北京某某餐饮管理有限公司公章、财务专用章、法人章不慎遗失，声明作废。

遗失声明：北京市某某建筑装饰工程有限公司遗失营业执照正副本，统一社会信用代码：91110105MA0000000X，特此声明作废。

注销公告：北京某某科技有限公司经股东会决议，拟向公司登记机关申请注销登记，请债权人自本公告之日起四十五日内向本公司清算组申报债权。特此公告。

减资公告：某某（北京）文化传媒有限公司经股东决定，注册资本由人民币1000万元减少至人民币100万元，请债权人自公告之日起四十五日内向本公司提出清偿债务或者提供相应担保的要求。特此公告。

作废声明：北京某某餐饮管理有限公司公章、财务专用章、法人章不慎遗失，声明作废。

遗失声明：北京市某某建筑装饰工程有限公司遗失营业执照正副本，统一社会信用代码：91110105MA0000000X，特此声明作废。

注销公告：北京某某科技有限公司经股东会决议，拟向公司登记机关申请注销登记，请债权人自本公告之日起四十五日内向本公司清算组申报债权。特此公告。

减资公告：某某（北京）文化传媒有限公司经股东决定，注册资本由人民币1000万元减少至人民币100万元，请债权人自公告之日起四十五日内向本公司提出清偿债务或者提供相应担保的要求。特此公告。

作废声明：北京某某餐饮管理有限公司公章、财务专用章、法人章不慎遗失，声明作废。

遗失声明：北京市某某建筑装饰工程有限公司遗失营业执照正副本，统一社会信用代码：91110105MA0000000X，特此声明作废。

注销公告：北京某某科技有限公司经股东会决议，拟向公司登记机关申请注销登记，请债权人自本公告之日起四十五日内向本公司清算组申报债权。特此公告。

减资公告：某某（北京）文化传媒有限公司经股东决定，注册资本由人民币1000万元减少至人民币100万元，请债权人自公告之日起四十五日内向本公司提出清偿债务或者提供相应担保的要求。特此公告。

作废声明：北京某某餐饮管理有限公司公章、财务专用章、法人章不慎遗失，声明作废。

遗失声明：北京市某某建筑装饰工程有限公司遗失营业执照正副本，统一社会信用代码：91110105MA0000000X，特此声明作废。

注销公告：北京某某科技有限公司经股东会决议，拟向公司登记机关申请注销登记，请债权人自本公告之日起四十五日内向本公司清算组申报债权。特此公告。

减资公告：某某（北京）文化传媒有限公司经股东决定，注册资本由人民币1000万元减少至人民币100万元，请债权人自公告之日起四十五日内向本公司提出清偿债务或者提供相应担保的要求。特此公告。

作废声明：北京某某餐饮管理有限公司公章、财务专用章、法人章不慎遗失，声明作废。

遗失声明：北京市某某建筑装饰工程有限公司遗失营业执照正副本，统一社会信用代码：91110105MA0000000X，特此声明作废。

注销公告：北京某某科技有限公司经股东会决议，拟向公司登记机关申请注销登记，请债权人自本公告之日起四十五日内向本公司清算组申报债权。特此公告。

减资公告：某某（北京）文化传媒有限公司经股东决定，注册资本由人民币1000万元减少至人民币100万元，请债权人自公告之日起四十五日内向本公司提出清偿债务或者提供相应担保的要求。特此公告。

作废声明：北京某某餐饮管理有限公司公章、财务专用章、法人章不慎遗失，声明作废。

遗失声明：北京市某某建筑装饰工程有限公司遗失营业执照正副本，统一社会信用代码：91110105MA0000000X，特此声明作废。

注销公告：北京某某科技有限公司经股东会决议，拟向公司登记机关申请注销登记，请债权人自本公告之日起四十五日内向本公司清算组申报债权。特此公告。

减资公告：某某（北京）文化传媒有限公司经股东决定，注册资本由人民币1000万元减少至人民币100万元，请债权人自公告之日起四十五日内向本公司提出清偿债务或者提供相应担保的要求。特此公告。

作废声明：北京某某餐饮管理有限公司公章、财务专用章、法人章不慎遗失，声明作废。
